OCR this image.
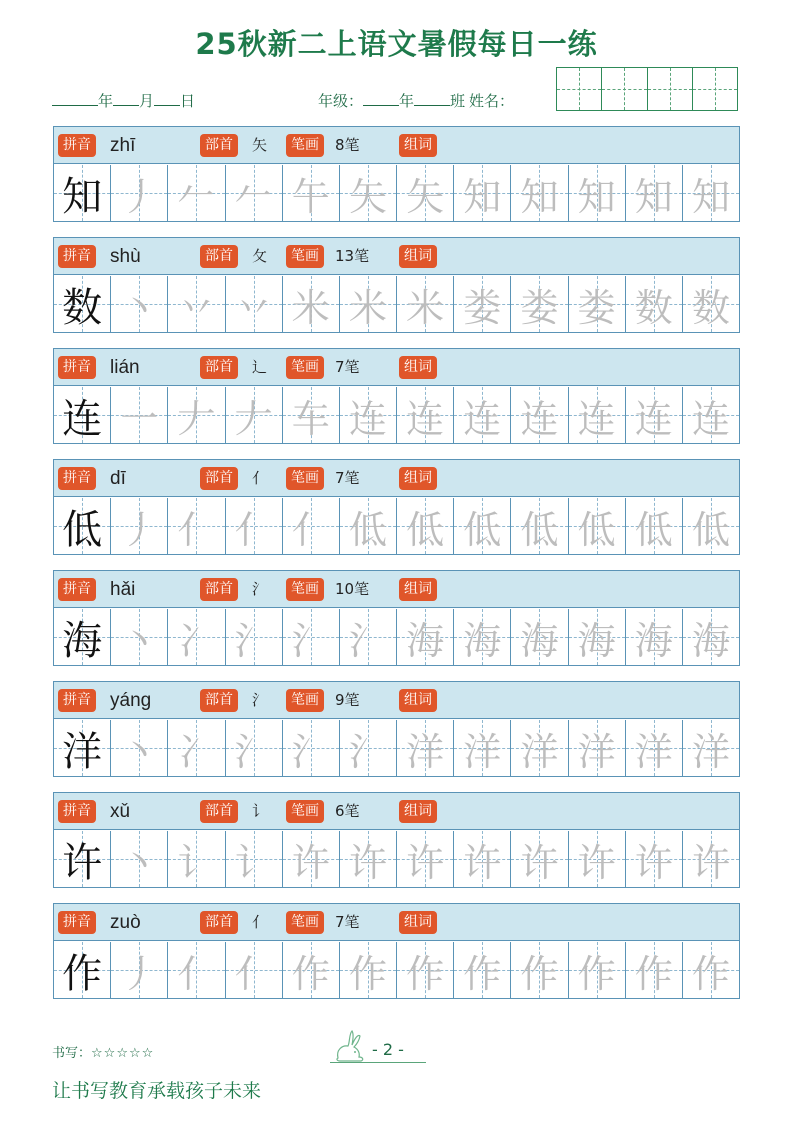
25秋新二上语文暑假每日一练
年 月 日	年级： 年 班 姓名：
拼音 zhī	部首	矢	笔画	8笔	组词
知 丿 𠂉 𠂉 午 矢 矢 知 知 知 知 知
拼音 shù	部首	攵	笔画	13笔	组词
数 丶 丷 丷 米 米 米 娄 娄 娄 数 数
拼音 lián	部首	辶	笔画	7笔	组词
连 一 𠂇 𠂇 车 连 连 连 连 连 连 连
拼音 dī	部首	亻	笔画	7笔	组词
低 丿 亻 亻 亻 低 低 低 低 低 低 低
拼音 hǎi	部首	氵	笔画	10笔	组词
海 丶 冫 氵 氵 氵 海 海 海 海 海 海
拼音 yáng	部首	氵	笔画	9笔	组词
洋 丶 冫 氵 氵 氵 洋 洋 洋 洋 洋 洋
拼音 xǔ	部首	讠	笔画	6笔	组词
许 丶 讠 讠 许 许 许 许 许 许 许 许
拼音 zuò	部首	亻	笔画	7笔	组词
作 丿 亻 亻 作 作 作 作 作 作 作 作
书写：☆☆☆☆☆	- 2 -
让书写教育承载孩子未来
